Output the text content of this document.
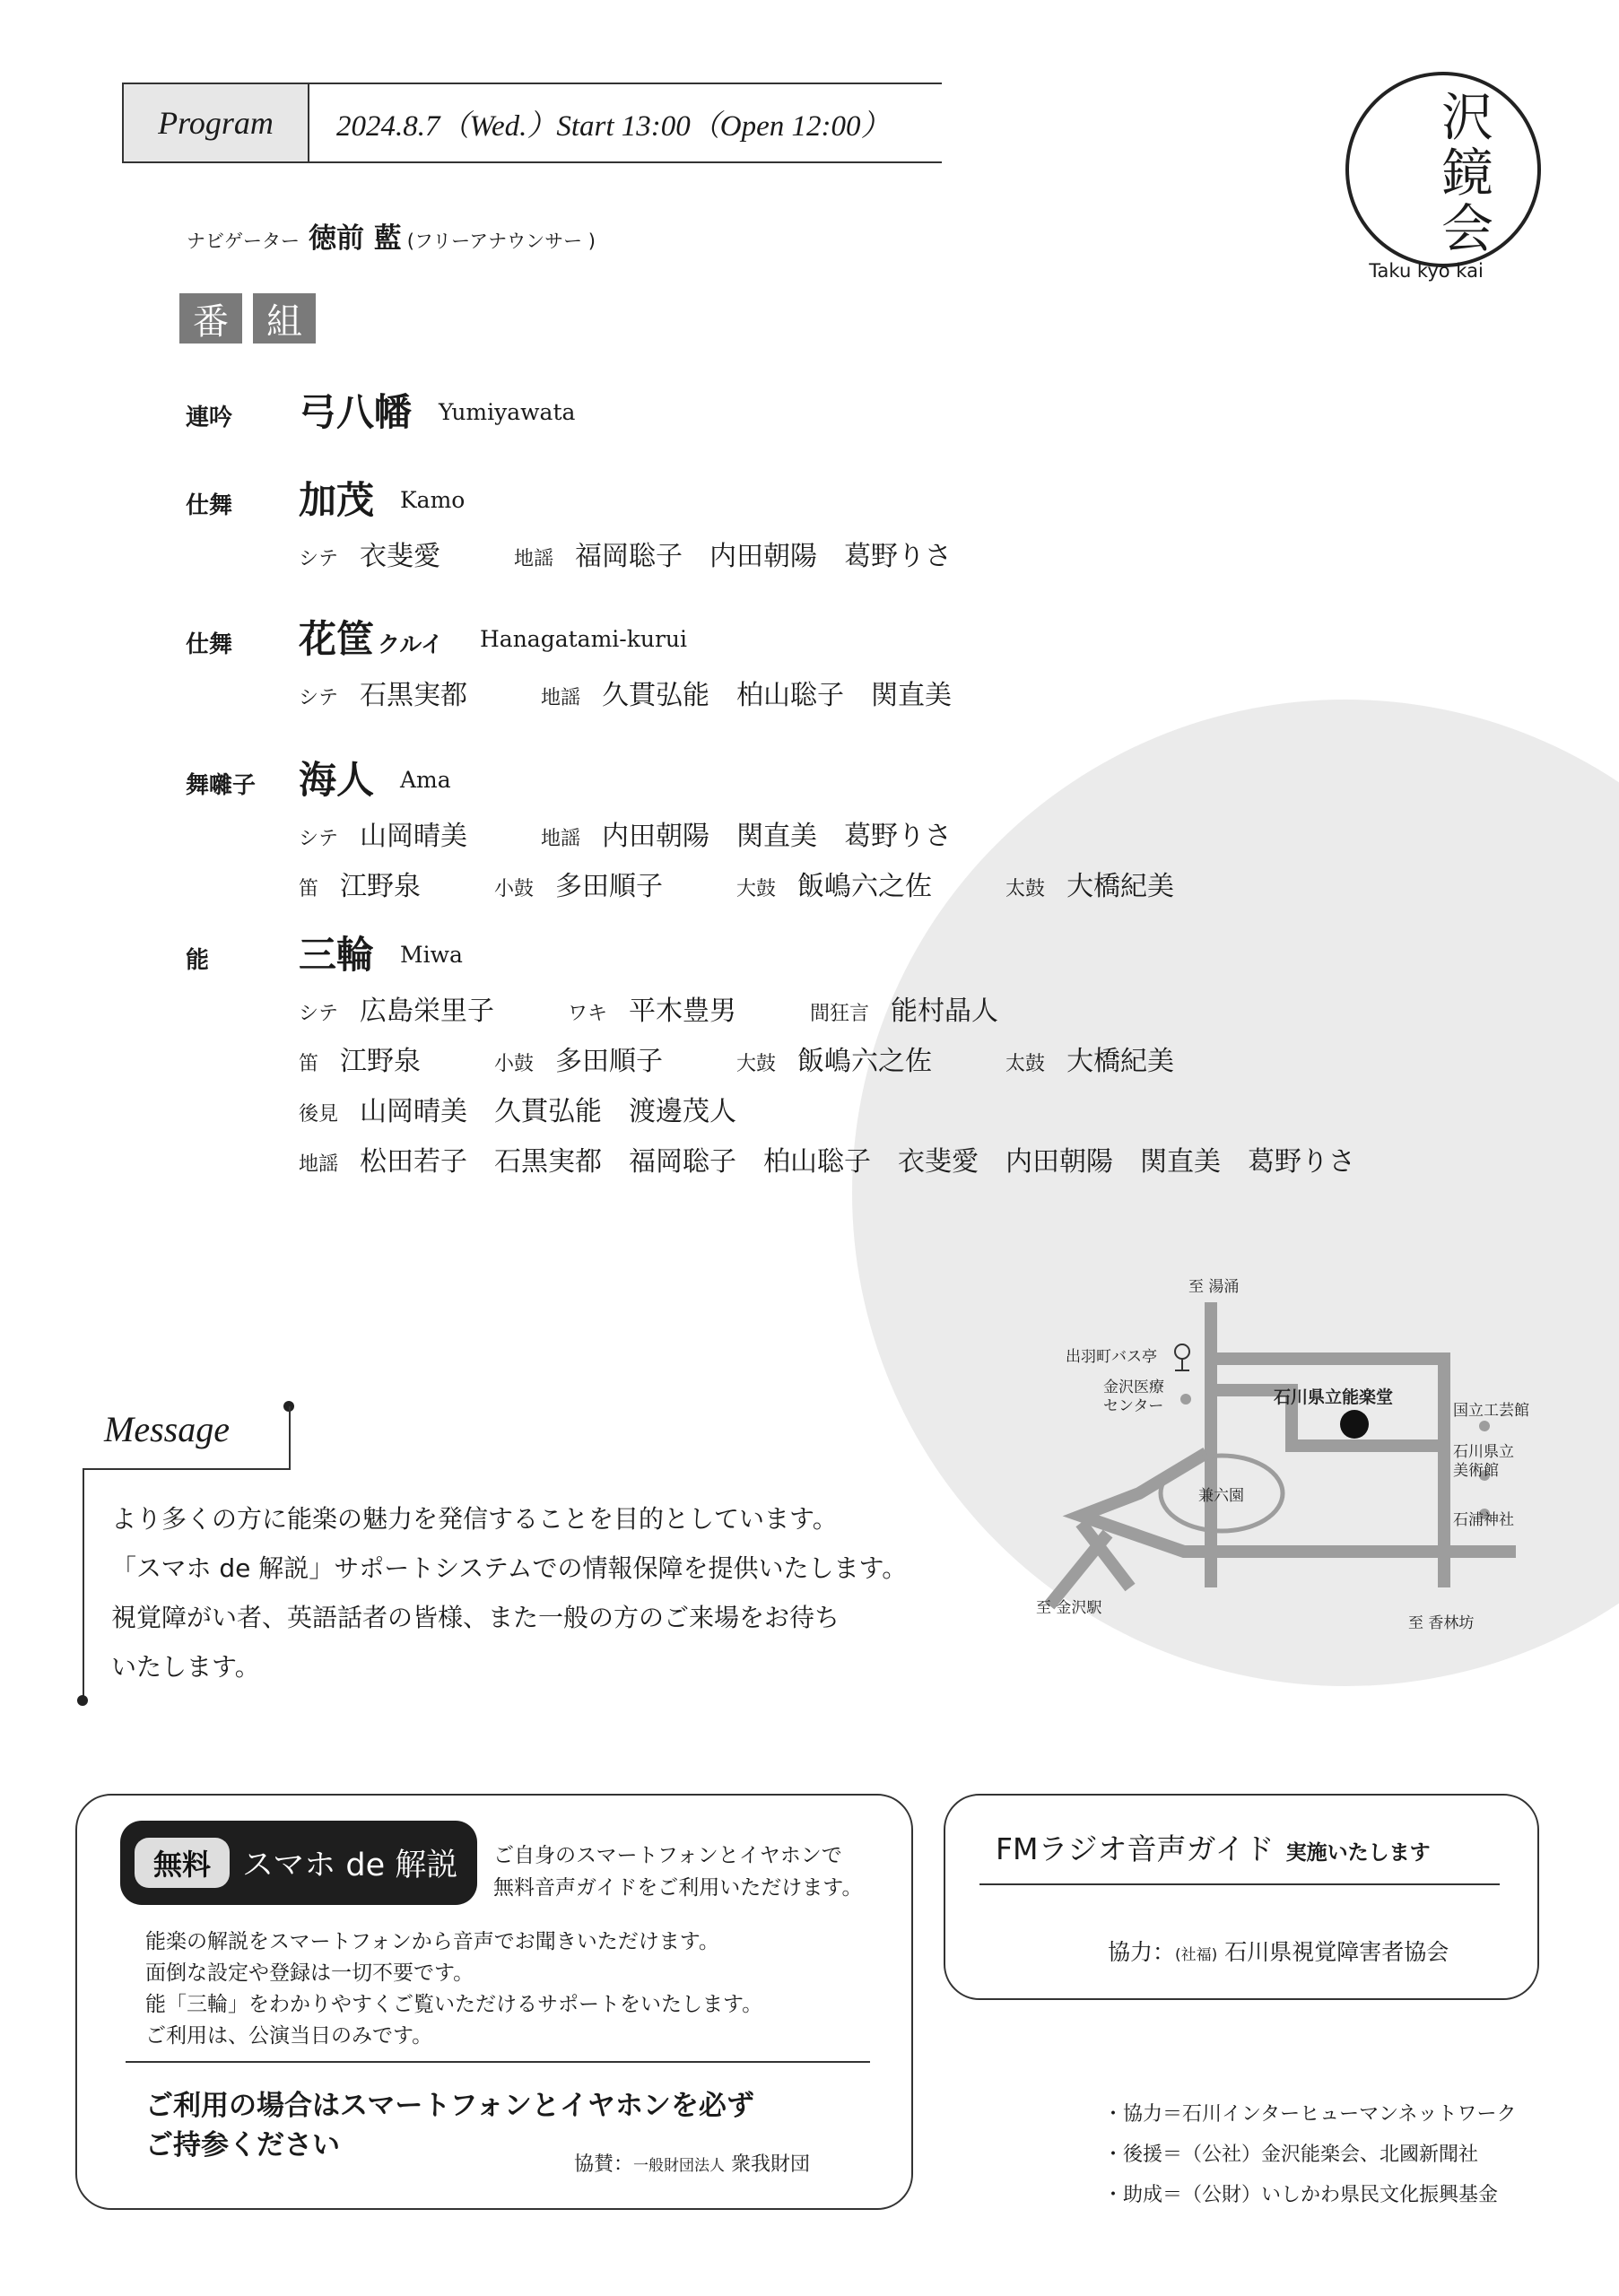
Program	2024.8.7（Wed.）Start 13:00（Open 12:00）	沢
鏡
会
Taku kyo kai
ナビゲーター 徳前 藍 (フリーアナウンサー )
番	組
連吟 弓八幡 Yumiyawata
仕舞 加茂 Kamo
シテ 衣斐愛	地謡 福岡聡子 内田朝陽 葛野りさ
仕舞 花筐 クルイ Hanagatami-kurui
シテ 石黒実都	地謡 久貫弘能 柏山聡子 関直美
舞囃子 海人 Ama
シテ 山岡晴美	地謡 内田朝陽 関直美 葛野りさ
笛 江野泉	小鼓 多田順子	大鼓 飯嶋六之佐	太鼓 大橋紀美
能 三輪 Miwa
シテ 広島栄里子	ワキ 平木豊男	間狂言 能村晶人
笛 江野泉	小鼓 多田順子	大鼓 飯嶋六之佐	太鼓 大橋紀美
後見 山岡晴美 久貫弘能 渡邊茂人
地謡 松田若子 石黒実都 福岡聡子 柏山聡子 衣斐愛 内田朝陽 関直美 葛野りさ
Message
より多くの方に能楽の魅力を発信することを目的としています。
「スマホ de 解説」サポートシステムでの情報保障を提供いたします。
視覚障がい者、英語話者の皆様、また一般の方のご来場をお待ち
いたします。
至 湯涌
出羽町バス亭
金沢医療
センター	石川県立能楽堂
兼六園
国立工芸館
石川県立
美術館
石浦神社
至 金沢駅
至 香林坊
無料	スマホ de 解説 ご自身のスマートフォンとイヤホンで
無料音声ガイドをご利用いただけます。
能楽の解説をスマートフォンから音声でお聞きいただけます。
面倒な設定や登録は一切不要です。
能「三輪」をわかりやすくご覧いただけるサポートをいたします。
ご利用は、公演当日のみです。
ご利用の場合はスマートフォンとイヤホンを必ず
ご持参ください
協賛：一般財団法人 衆我財団
FMラジオ音声ガイド 実施いたします
協力：(社福) 石川県視覚障害者協会
・協力＝石川インターヒューマンネットワーク
・後援＝（公社）金沢能楽会、北國新聞社
・助成＝（公財）いしかわ県民文化振興基金
